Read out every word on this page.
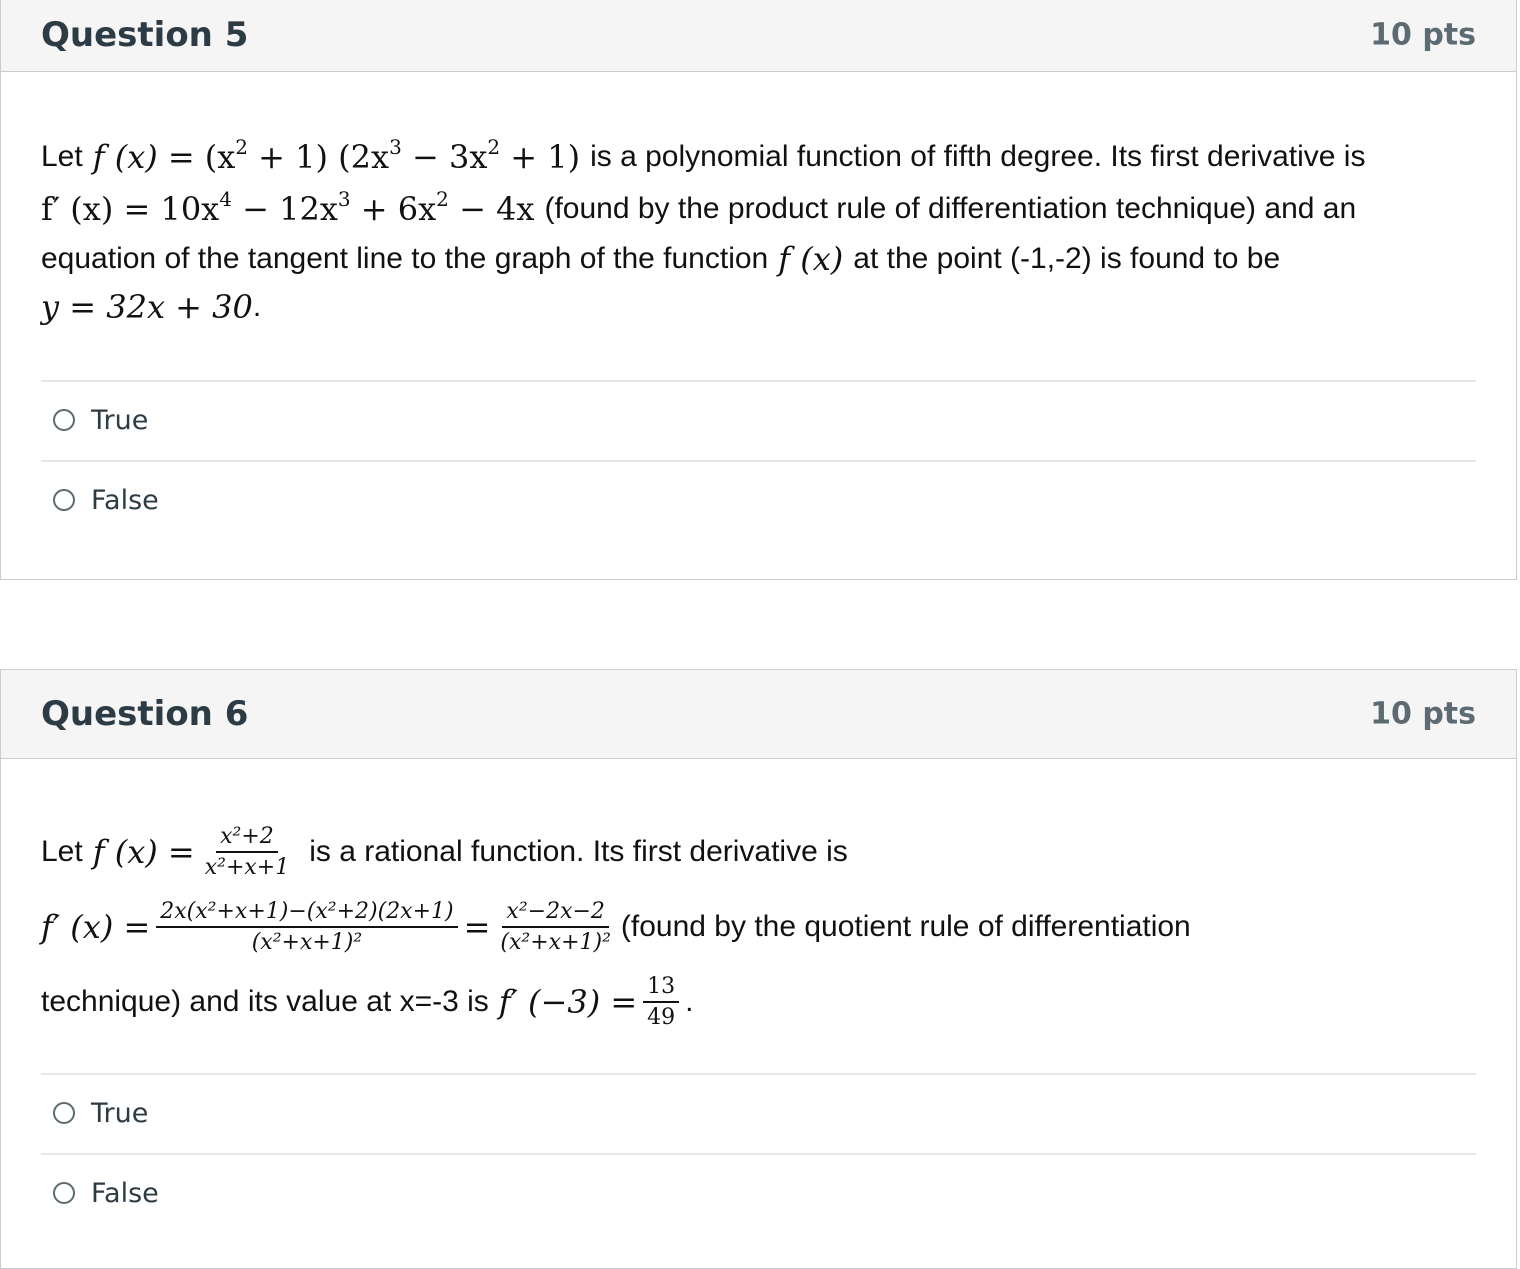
Question 5	10 pts
Let f $(x) = (x^2 + 1) (2x^3 - 3x^2 + 1)$ is a polynomial function of fifth degree. Its first derivative is
f′ $(x) = 10x^4 - 12x^3 + 6x^2 - 4x$ (found by the product rule of differentiation technique) and an
equation of the tangent line to the graph of the function f (x) at the point (-1,-2) is found to be
y = 32x + 30 .
True
False
Question 6	10 pts
Let f $(x) = \frac{\text{x²+2}}{\text{x²+x+1}}$ is a rational function. Its first derivative is
f′ $(x) = \frac{\text{2x(x²+x+1)−(x²+2)(2x+1)}}{\text{(x²+x+1)²}} = \frac{\text{x²−2x−2}}{\text{(x²+x+1)²}}$ (found by the quotient rule of differentiation
technique) and its value at x=-3 is f′ $(-3) = \frac{13}{49}$ .
True
False
